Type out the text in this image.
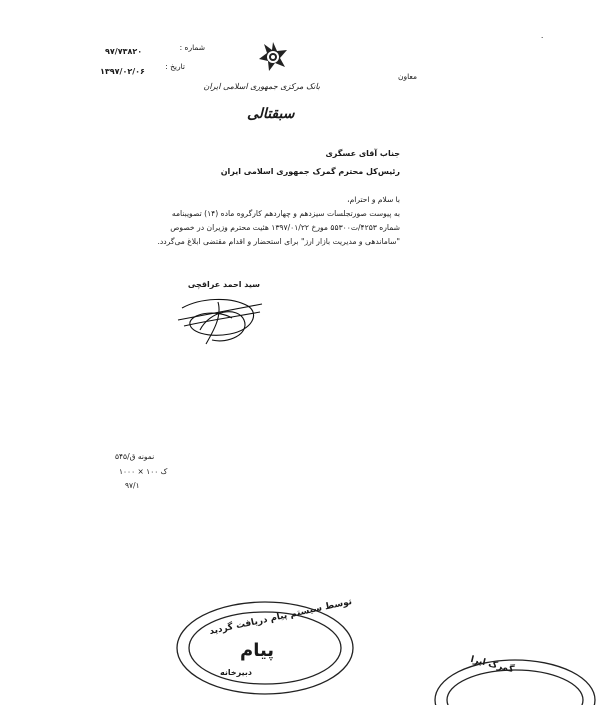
۰
شماره :
۹۷/۷۳۸۲۰
تاریخ :
۱۳۹۷/۰۲/۰۶
بانک مرکزی جمهوری اسلامی ایران
سبقتالی
معاون
جناب آقای عسگری
رئیس‌کل محترم گمرک جمهوری اسلامی ایران
با سلام و احترام،
به پیوست صورتجلسات سیزدهم و چهاردهم کارگروه ماده (۱۴) تصویبنامه
شماره ۴۲۵۳/ت۵۵۳۰۰ مورخ ۱۳۹۷/۰۱/۲۲ هئیت محترم وزیران در خصوص
"ساماندهی و مدیریت بازار ارز" برای استحضار و اقدام مقتضی ابلاغ می‌گردد.
سید احمد عراقچی
نمونه ق/۵۴۵
۱۰۰۰ × ۱۰۰ ک
۹۷/۱
توسط سیستم پیام دریافت گردید
پیام
دبیرخانه	گمرک ایرا
